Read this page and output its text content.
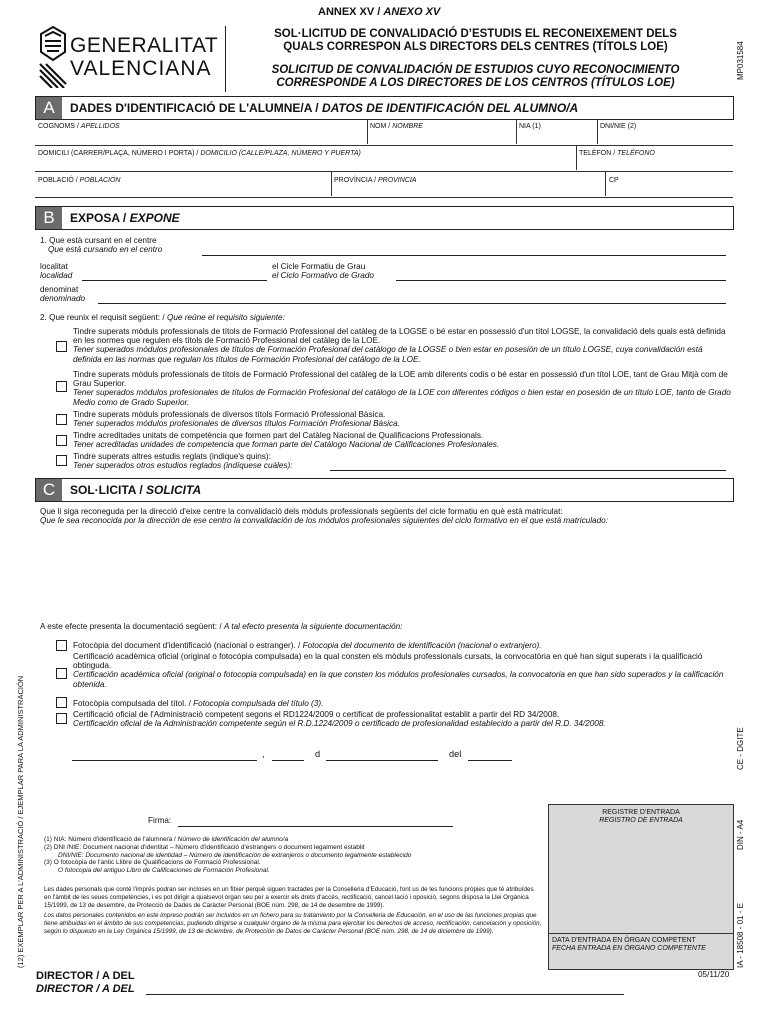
ANNEX XV / ANEXO XV
GENERALITAT
VALENCIANA
SOL·LICITUD DE CONVALIDACIÓ D’ESTUDIS EL RECONEIXEMENT DELS
QUALS CORRESPON ALS DIRECTORS DELS CENTRES (TÍTOLS LOE)
SOLICITUD DE CONVALIDACIÓN DE ESTUDIOS CUYO RECONOCIMIENTO
CORRESPONDE A LOS DIRECTORES DE LOS CENTROS (TÍTULOS LOE)
MP031584
A	DADES D'IDENTIFICACIÓ DE L'ALUMNE/A / DATOS DE IDENTIFICACIÓN DEL ALUMNO/A
COGNOMS / APELLIDOS	NOM / NOMBRE	NIA (1)	DNI/NIE (2)
DOMICILI (CARRER/PLAÇA, NÚMERO I PORTA) / DOMICILIO (CALLE/PLAZA, NÚMERO Y PUERTA)	TELÈFON / TELÉFONO
POBLACIÓ / POBLACIÓN	PROVÍNCIA / PROVINCIA	CP
B	EXPOSA / EXPONE
1. Que està cursant en el centre
Que está cursando en el centro
localitat
localidad
el Cicle Formatiu de Grau
el Ciclo Formativo de Grado
denominat
denominado
2. Que reunix el requisit següent: / Que reúne el requisito siguiente:
Tindre superats mòduls professionals de títols de Formació Professional del catàleg de la LOGSE o bé estar en possessió d'un títol LOGSE, la convalidació dels quals està definida en les normes que regulen els títols de Formació Professional del catàleg de la LOE.
Tener superados módulos profesionales de títulos de Formación Profesional del catálogo de la LOGSE o bien estar en posesión de un título LOGSE, cuya convalidación está definida en las normas que regulan los títulos de Formación Profesional del catálogo de la LOE.
Tindre superats mòduls professionals de títols de Formació Professional del catàleg de la LOE amb diferents codis o bé estar en possessió d'un títol LOE, tant de Grau Mitjà com de Grau Superior.
Tener superados módulos profesionales de títulos de Formación Profesional del catálogo de la LOE con diferentes códigos o bien estar en posesión de un título LOE, tanto de Grado Medio como de Grado Superior.
Tindre superats mòduls professionals de diversos títols Formació Professional Bàsica.
Tener superados módulos profesionales de diversos títulos Formación Profesional Básica.
Tindre acreditades unitats de competència que formen part del Catàleg Nacional de Qualificacions Professionals.
Tener acreditadas unidades de competencia que forman parte del Catálogo Nacional de Calificaciones Profesionales.
Tindre superats altres estudis reglats (indique's quins):
Tener superados otros estudios reglados (indíquese cuáles):
C	SOL·LICITA / SOLICITA
Que li siga reconeguda per la direcció d'eixe centre la convalidació dels mòduls professionals següents del cicle formatiu en què està matriculat:
Que le sea reconocida por la dirección de ese centro la convalidación de los módulos profesionales siguientes del ciclo formativo en el que está matriculado:
A este efecte presenta la documentació següent: / A tal efecto presenta la siguiente documentación:
Fotocòpia del document d'identificació (nacional o estranger). / Fotocopia del documento de identificación (nacional o extranjero).
Certificació acadèmica oficial (original o fotocòpia compulsada) en la qual consten els mòduls professionals cursats, la convocatòria en què han sigut superats i la qualificació obtinguda.
Certificación académica oficial (original o fotocopia compulsada) en la que consten los módulos profesionales cursados, la convocatoria en que han sido superados y la calificación obtenida.
Fotocòpia compulsada del títol. / Fotocopia compulsada del título (3).
Certificació oficial de l'Administració competent segons el RD1224/2009 o certificat de professionalitat establit a partir del RD 34/2008.
Certificación oficial de la Administración competente según el R.D.1224/2009 o certificado de profesionalidad establecido a partir del R.D. 34/2008.
,	d	del
REGISTRE D'ENTRADA
REGISTRO DE ENTRADA
DATA D'ENTRADA EN ÒRGAN COMPETENT
FECHA ENTRADA EN ÓRGANO COMPETENTE
Firma:
(1) NIA: Número d'identificació de l'alumne/a / Número de identificación del alumno/a
(2) DNI /NIE: Document nacional d'identitat – Número d'identificació d'estrangers o document legalment establit
DNI/NIE: Documento nacional de identidad – Número de identificación de extranjeros o documento legalmente establecido
(3) O fotocòpia de l'antic Llibre de Qualificacions de Formació Professional.
O fotocopia del antiguo Libro de Calificaciones de Formación Profesional.
Les dades personals que conté l'imprés podran ser incloses en un fitxer perquè siguen tractades per la Conselleria d'Educació, font us de les funcions pròpies que té atribuïdes en l'àmbit de les seues competències, i es pot dirigir a qualsevol òrgan seu per a exercir els drets d'accés, rectificació, cancel·lació i oposició, segons disposa la Llei Orgànica 15/1999, de 13 de desembre, de Protecció de Dades de Caràcter Personal (BOE núm. 298, de 14 de desembre de 1999).
Los datos personales contenidos en este impreso podrán ser incluidos en un fichero para su tratamiento por la Conselleria de Educación, en el uso de las funciones propias que tiene atribuidas en el ámbito de sus competencias, pudiendo dirigirse a cualquier órgano de la misma para ejercitar los derechos de acceso, rectificación, cancelación y oposición, según lo dispuesto en la Ley Orgánica 15/1999, de 13 de diciembre, de Protección de Datos de Carácter Personal (BOE núm. 298, de 14 de diciembre de 1999).
DIRECTOR / A DEL
DIRECTOR / A DEL
05/11/20
(12) EXEMPLAR PER A L'ADMINISTRACIÓ / EJEMPLAR PARA LA ADMINISTRACIÓN	CE - DGITE
DIN - A4
IA - 18508 - 01 - E
